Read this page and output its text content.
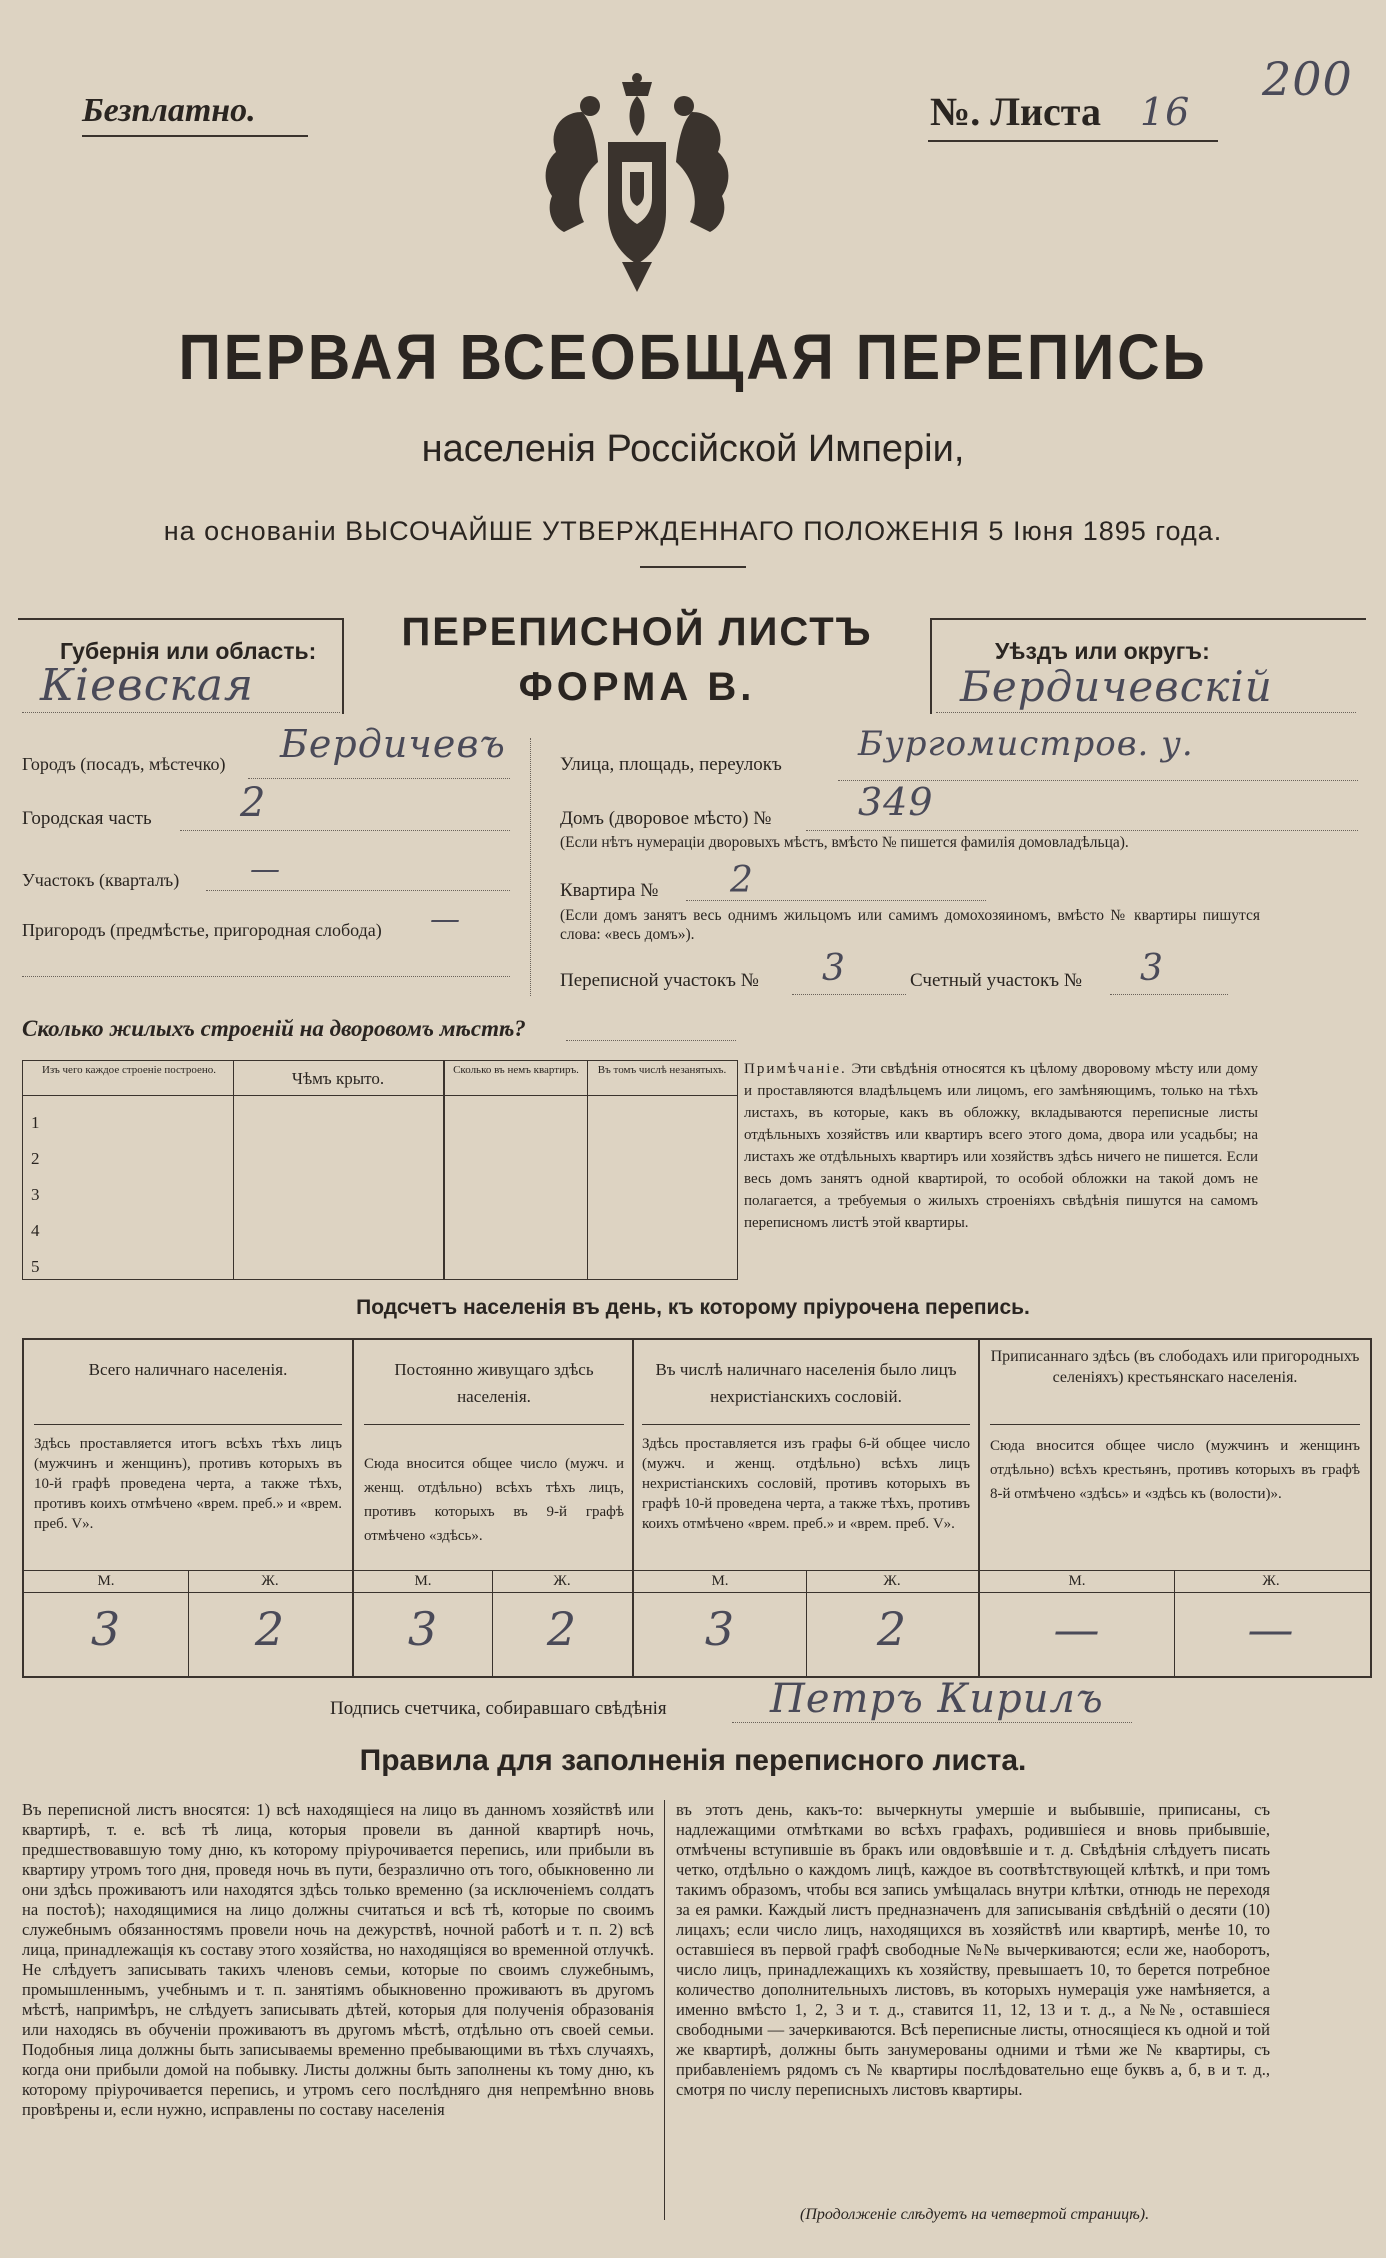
Безплатно.	№. Листа 16
200
ПЕРВАЯ ВСЕОБЩАЯ ПЕРЕПИСЬ
населенія Россійской Имперіи,
на основаніи ВЫСОЧАЙШЕ УТВЕРЖДЕННАГО ПОЛОЖЕНІЯ 5 Іюня 1895 года.
Губернія или область:
Кіевская
ПЕРЕПИСНОЙ ЛИСТЪ
ФОРМА В.
Уѣздъ или округъ:
Бердичевскій
Городъ (посадъ, мѣстечко) Бердичевъ
Городская часть 2
Участокъ (кварталъ) —
Пригородъ (предмѣстье, пригородная слобода) —
Улица, площадь, переулокъ
Бургомистров. у.
Домъ (дворовое мѣсто) № 349
(Если нѣтъ нумераціи дворовыхъ мѣстъ, вмѣсто № пишется фамилія домовладѣльца).
Квартира № 2
(Если домъ занятъ весь однимъ жильцомъ или самимъ домохозяиномъ, вмѣсто № квартиры пишутся слова: «весь домъ»).
Переписной участокъ № 3	Счетный участокъ № 3
Сколько жилыхъ строеній на дворовомъ мѣстѣ?
Изъ чего каждое строеніе построено.	Чѣмъ крыто.	Сколько въ немъ квартиръ.	Въ томъ числѣ незанятыхъ.
1
2
3
4
5
Примѣчаніе. Эти свѣдѣнія относятся къ цѣлому дворовому мѣсту или дому и проставляются владѣльцемъ или лицомъ, его замѣняющимъ, только на тѣхъ листахъ, въ которые, какъ въ обложку, вкладываются переписные листы отдѣльныхъ хозяйствъ или квартиръ всего этого дома, двора или усадьбы; на листахъ же отдѣльныхъ квартиръ или хозяйствъ здѣсь ничего не пишется. Если весь домъ занятъ одной квартирой, то особой обложки на такой домъ не полагается, а требуемыя о жилыхъ строеніяхъ свѣдѣнія пишутся на самомъ переписномъ листѣ этой квартиры.
Подсчетъ населенія въ день, къ которому пріурочена перепись.
Всего наличнаго населенія.
Здѣсь проставляется итогъ всѣхъ тѣхъ лицъ (мужчинъ и женщинъ), противъ которыхъ въ 10-й графѣ проведена черта, а также тѣхъ, противъ коихъ отмѣчено «врем. преб.» и «врем. преб. V».
М.	Ж.
3	2
Постоянно живущаго здѣсь населенія.
Сюда вносится общее число (мужч. и женщ. отдѣльно) всѣхъ тѣхъ лицъ, противъ которыхъ въ 9-й графѣ отмѣчено «здѣсь».
М.	Ж.
3	2
Въ числѣ наличнаго населенія было лицъ нехристіанскихъ сословій.
Здѣсь проставляется изъ графы 6-й общее число (мужч. и женщ. отдѣльно) всѣхъ лицъ нехристіанскихъ сословій, противъ которыхъ въ графѣ 10-й проведена черта, а также тѣхъ, противъ коихъ отмѣчено «врем. преб.» и «врем. преб. V».
М.	Ж.
3	2
Приписаннаго здѣсь (въ слободахъ или пригородныхъ селеніяхъ) крестьянскаго населенія.
Сюда вносится общее число (мужчинъ и женщинъ отдѣльно) всѣхъ крестьянъ, противъ которыхъ въ графѣ 8-й отмѣчено «здѣсь» и «здѣсь къ (волости)».
М.	Ж.
—	—
Подпись счетчика, собиравшаго свѣдѣнія	Петръ Кирилъ
Правила для заполненія переписного листа.
Въ переписной листъ вносятся: 1) всѣ находящіеся на лицо въ данномъ хозяйствѣ или квартирѣ, т. е. всѣ тѣ лица, которыя провели въ данной квартирѣ ночь, предшествовавшую тому дню, къ которому пріурочивается перепись, или прибыли въ квартиру утромъ того дня, проведя ночь въ пути, безразлично отъ того, обыкновенно ли они здѣсь проживаютъ или находятся здѣсь только временно (за исключеніемъ солдатъ на постоѣ); находящимися на лицо должны считаться и всѣ тѣ, которые по своимъ служебнымъ обязанностямъ провели ночь на дежурствѣ, ночной работѣ и т. п. 2) всѣ лица, принадлежащія къ составу этого хозяйства, но находящіяся во временной отлучкѣ. Не слѣдуетъ записывать такихъ членовъ семьи, которые по своимъ служебнымъ, промышленнымъ, учебнымъ и т. п. занятіямъ обыкновенно проживаютъ въ другомъ мѣстѣ, напримѣръ, не слѣдуетъ записывать дѣтей, которыя для полученія образованія или находясь въ обученіи проживаютъ въ другомъ мѣстѣ, отдѣльно отъ своей семьи. Подобныя лица должны быть записываемы временно пребывающими въ тѣхъ случаяхъ, когда они прибыли домой на побывку. Листы должны быть заполнены къ тому дню, къ которому пріурочивается перепись, и утромъ сего послѣдняго дня непремѣнно вновь провѣрены и, если нужно, исправлены по составу населенія
въ этотъ день, какъ-то: вычеркнуты умершіе и выбывшіе, приписаны, съ надлежащими отмѣтками во всѣхъ графахъ, родившіеся и вновь прибывшіе, отмѣчены вступившіе въ бракъ или овдовѣвшіе и т. д. Свѣдѣнія слѣдуетъ писать четко, отдѣльно о каждомъ лицѣ, каждое въ соотвѣтствующей клѣткѣ, и при томъ такимъ образомъ, чтобы вся запись умѣщалась внутри клѣтки, отнюдь не переходя за ея рамки. Каждый листъ предназначенъ для записыванія свѣдѣній о десяти (10) лицахъ; если число лицъ, находящихся въ хозяйствѣ или квартирѣ, менѣе 10, то оставшіеся въ первой графѣ свободные №№ вычеркиваются; если же, наоборотъ, число лицъ, принадлежащихъ къ хозяйству, превышаетъ 10, то берется потребное количество дополнительныхъ листовъ, въ которыхъ нумерація уже намѣняется, а именно вмѣсто 1, 2, 3 и т. д., ставится 11, 12, 13 и т. д., а №№, оставшіеся свободными — зачеркиваются. Всѣ переписные листы, относящіеся къ одной и той же квартирѣ, должны быть занумерованы одними и тѣми же № квартиры, съ прибавленіемъ рядомъ съ № квартиры послѣдовательно еще буквъ а, б, в и т. д., смотря по числу переписныхъ листовъ квартиры.
(Продолженіе слѣдуетъ на четвертой страницѣ).
